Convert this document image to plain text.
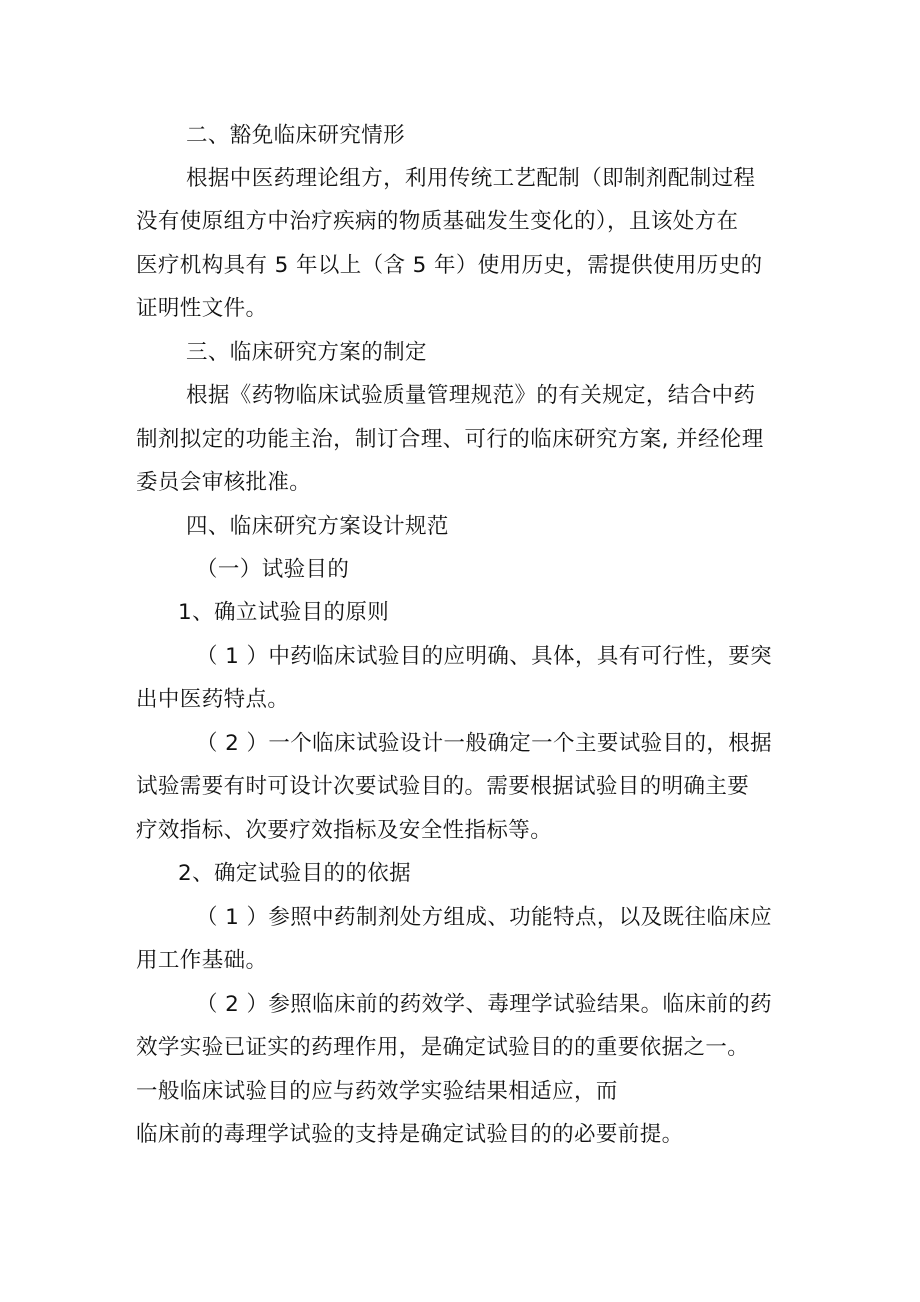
二、豁免临床研究情形
根据中医药理论组方，利用传统工艺配制（即制剂配制过程
没有使原组方中治疗疾病的物质基础发生变化的），且该处方在
医疗机构具有 5 年以上（含 5 年）使用历史，需提供使用历史的
证明性文件。
三、临床研究方案的制定
根据《药物临床试验质量管理规范》的有关规定，结合中药
制剂拟定的功能主治，制订合理、可行的临床研究方案, 并经伦理
委员会审核批准。
四、临床研究方案设计规范
（一）试验目的
1、确立试验目的原则
（ 1 ）中药临床试验目的应明确、具体，具有可行性，要突
出中医药特点。
（ 2 ）一个临床试验设计一般确定一个主要试验目的，根据
试验需要有时可设计次要试验目的。需要根据试验目的明确主要
疗效指标、次要疗效指标及安全性指标等。
2、确定试验目的的依据
（ 1 ）参照中药制剂处方组成、功能特点，以及既往临床应
用工作基础。
（ 2 ）参照临床前的药效学、毒理学试验结果。临床前的药
效学实验已证实的药理作用，是确定试验目的的重要依据之一。
一般临床试验目的应与药效学实验结果相适应，而
临床前的毒理学试验的支持是确定试验目的的必要前提。
